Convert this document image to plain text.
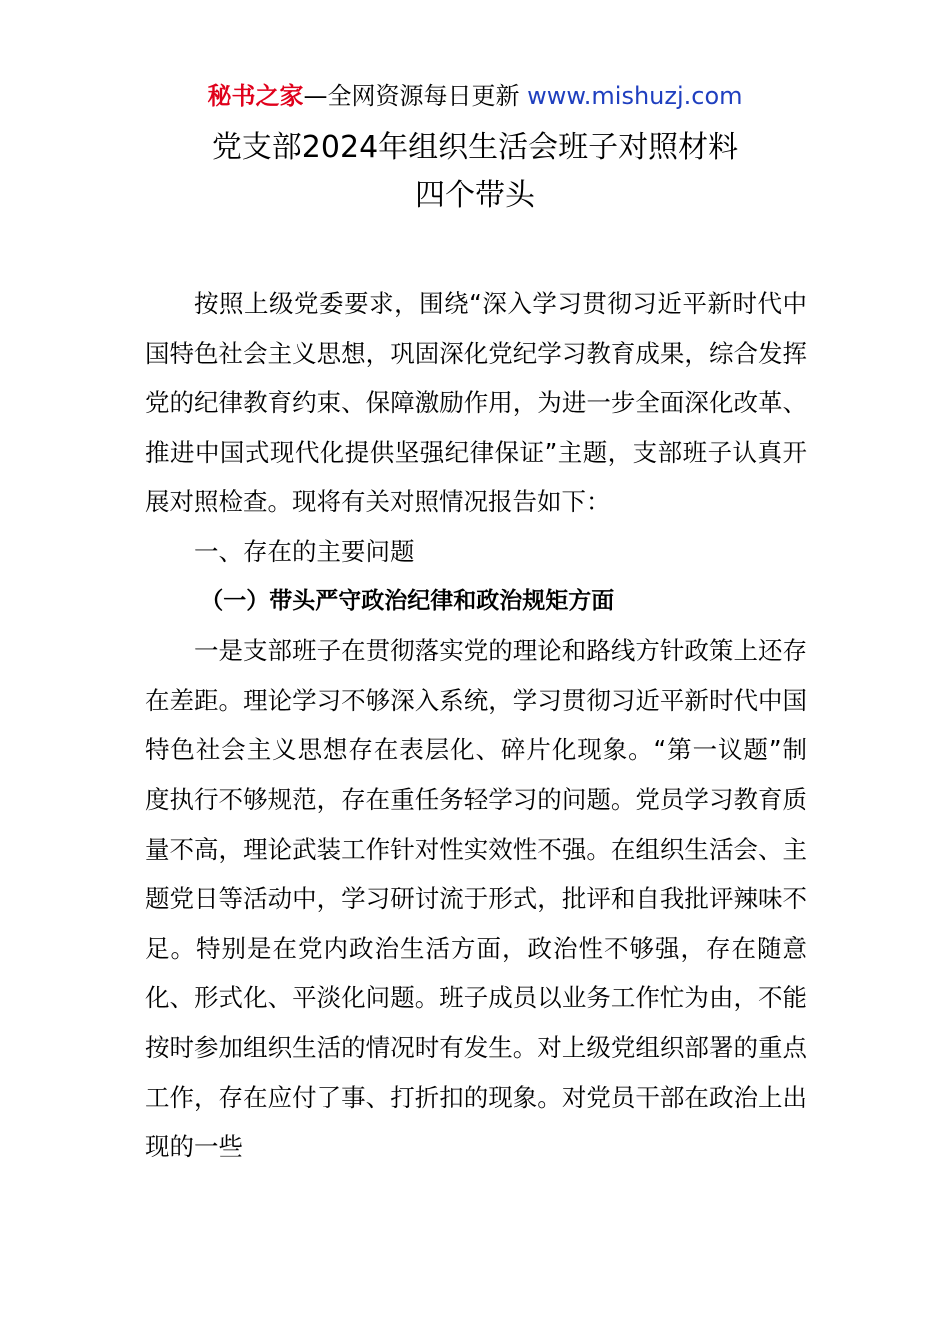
秘书之家—全网资源每日更新 www.mishuzj.com
党支部2024年组织生活会班子对照材料
四个带头

按照上级党委要求，围绕“深入学习贯彻习近平新时代中国特色社会主义思想，巩固深化党纪学习教育成果，综合发挥党的纪律教育约束、保障激励作用，为进一步全面深化改革、推进中国式现代化提供坚强纪律保证”主题，支部班子认真开展对照检查。现将有关对照情况报告如下：

一、存在的主要问题

（一）带头严守政治纪律和政治规矩方面

一是支部班子在贯彻落实党的理论和路线方针政策上还存在差距。理论学习不够深入系统，学习贯彻习近平新时代中国特色社会主义思想存在表层化、碎片化现象。“第一议题”制度执行不够规范，存在重任务轻学习的问题。党员学习教育质量不高，理论武装工作针对性实效性不强。在组织生活会、主题党日等活动中，学习研讨流于形式，批评和自我批评辣味不足。特别是在党内政治生活方面，政治性不够强，存在随意化、形式化、平淡化问题。班子成员以业务工作忙为由，不能按时参加组织生活的情况时有发生。对上级党组织部署的重点工作，存在应付了事、打折扣的现象。对党员干部在政治上出现的一些
